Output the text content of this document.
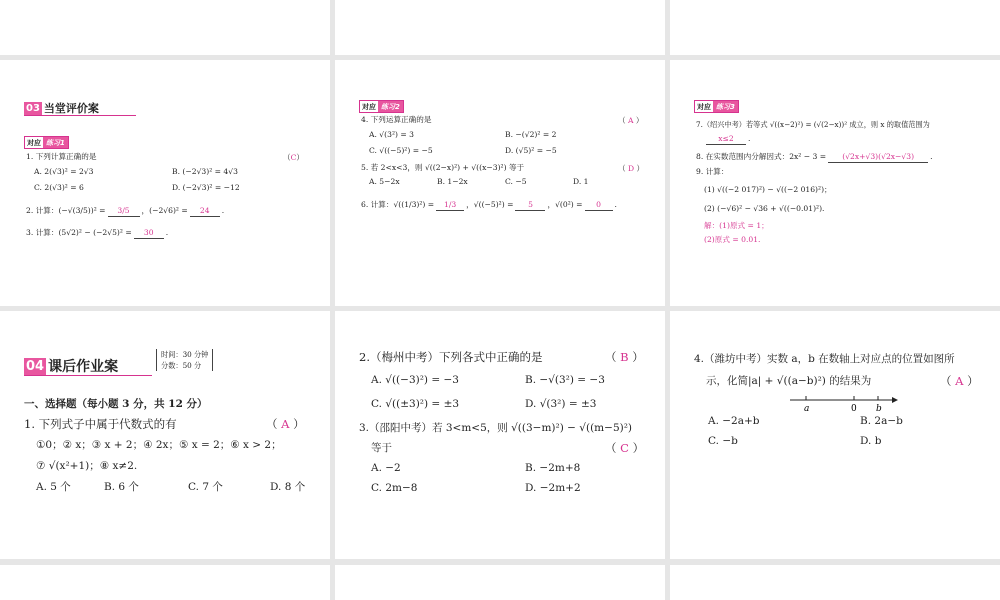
03 当堂评价案
对应 练习1
1. 下列计算正确的是	（C）
A. 2(√3)² = 2√3	B. (−2√3)² = 4√3
C. 2(√3)² = 6	D. (−2√3)² = −12
2. 计算：(−√(3/5))² = 3/5 ，(−2√6)² = 24 .
3. 计算：(5√2)² − (−2√5)² = 30 .
对应 练习2
4. 下列运算正确的是	（ A ）
A. √(3²) = 3	B. −(√2)² = 2
C. √((−5)²) = −5	D. (√5)² = −5
5. 若 2<x<3，则 √((2−x)²) + √((x−3)²) 等于	（ D ）
A. 5−2x	B. 1−2x	C. −5	D. 1
6. 计算：√((1/3)²) = 1/3 ，√((−5)²) = 5 ，√(0²) = 0 .
对应 练习3
7.（绍兴中考）若等式 √((x−2)²) = (√(2−x))² 成立，则 x 的取值范围为
x≤2 .
8. 在实数范围内分解因式：2x² − 3 = (√2x+√3)(√2x−√3) .
9. 计算：
(1) √((−2 017)²) − √((−2 016)²)；
(2) (−√6)² − √36 + √((−0.01)²).
解：(1)原式 = 1；
(2)原式 = 0.01.
04 课后作业案
时间：30 分钟
分数：50 分
一、选择题（每小题 3 分，共 12 分）
1. 下列式子中属于代数式的有	（ A ）
①0；② x；③ x + 2；④ 2x；⑤ x = 2；⑥ x > 2；
⑦ √(x²+1)；⑧ x≠2.
A. 5 个	B. 6 个	C. 7 个	D. 8 个
2.（梅州中考）下列各式中正确的是	（ B ）
A. √((−3)²) = −3	B. −√(3²) = −3
C. √((±3)²) = ±3	D. √(3²) = ±3
3.（邵阳中考）若 3<m<5，则 √((3−m)²) − √((m−5)²)
等于	（ C ）
A. −2	B. −2m+8
C. 2m−8	D. −2m+2
4.（潍坊中考）实数 a，b 在数轴上对应点的位置如图所
示，化简|a| + √((a−b)²) 的结果为	（ A ）
a	0 b
A. −2a+b	B. 2a−b
C. −b	D. b
